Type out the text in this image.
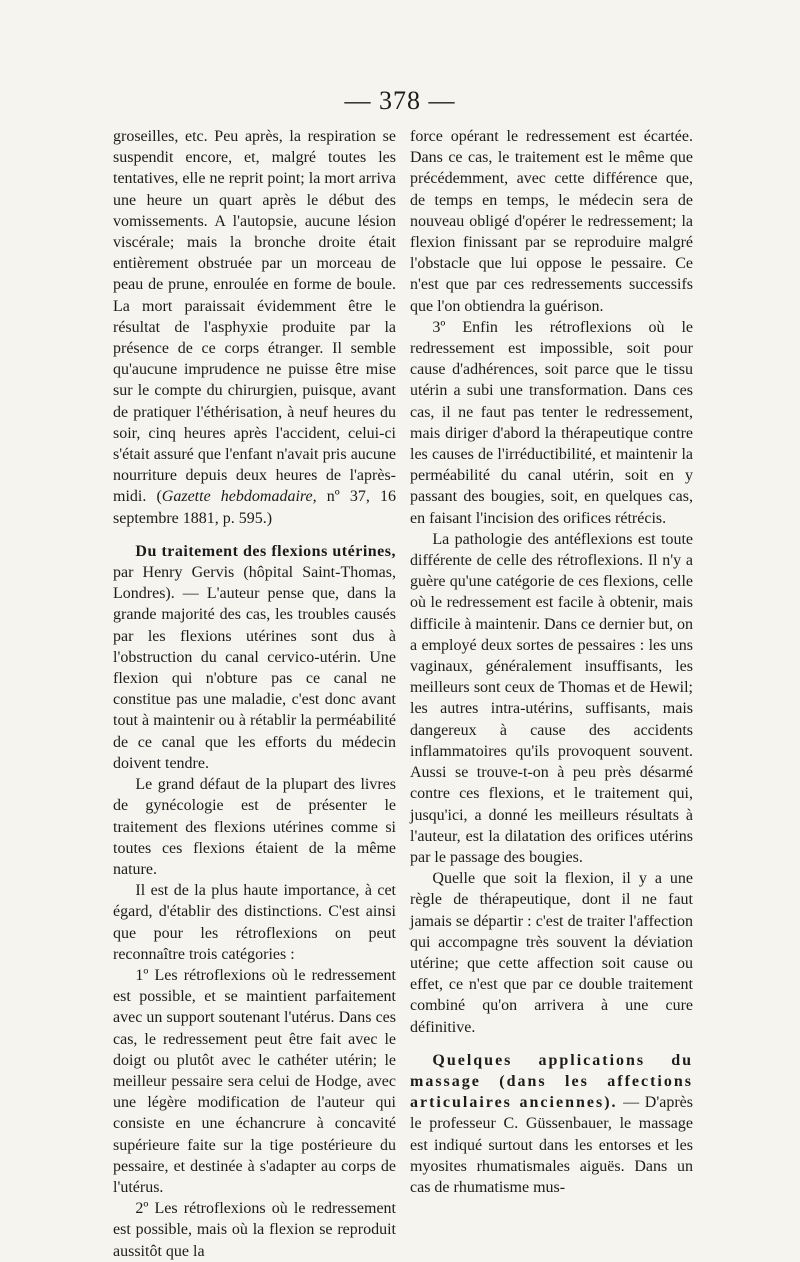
— 378 —

groseilles, etc. Peu après, la respiration se suspendit encore, et, malgré toutes les tentatives, elle ne reprit point; la mort arriva une heure un quart après le début des vomissements. A l'autopsie, aucune lésion viscérale; mais la bronche droite était entièrement obstruée par un morceau de peau de prune, enroulée en forme de boule. La mort paraissait évidemment être le résultat de l'asphyxie produite par la présence de ce corps étranger. Il semble qu'aucune imprudence ne puisse être mise sur le compte du chirurgien, puisque, avant de pratiquer l'éthérisation, à neuf heures du soir, cinq heures après l'accident, celui-ci s'était assuré que l'enfant n'avait pris aucune nourriture depuis deux heures de l'après-midi. (Gazette hebdomadaire, nº 37, 16 septembre 1881, p. 595.)

Du traitement des flexions utérines, par Henry Gervis (hôpital Saint-Thomas, Londres). — L'auteur pense que, dans la grande majorité des cas, les troubles causés par les flexions utérines sont dus à l'obstruction du canal cervico-utérin. Une flexion qui n'obture pas ce canal ne constitue pas une maladie, c'est donc avant tout à maintenir ou à rétablir la perméabilité de ce canal que les efforts du médecin doivent tendre.

Le grand défaut de la plupart des livres de gynécologie est de présenter le traitement des flexions utérines comme si toutes ces flexions étaient de la même nature.

Il est de la plus haute importance, à cet égard, d'établir des distinctions. C'est ainsi que pour les rétroflexions on peut reconnaître trois catégories :

1º Les rétroflexions où le redressement est possible, et se maintient parfaitement avec un support soutenant l'utérus. Dans ces cas, le redressement peut être fait avec le doigt ou plutôt avec le cathéter utérin; le meilleur pessaire sera celui de Hodge, avec une légère modification de l'auteur qui consiste en une échancrure à concavité supérieure faite sur la tige postérieure du pessaire, et destinée à s'adapter au corps de l'utérus.

2º Les rétroflexions où le redressement est possible, mais où la flexion se reproduit aussitôt que la

force opérant le redressement est écartée. Dans ce cas, le traitement est le même que précédemment, avec cette différence que, de temps en temps, le médecin sera de nouveau obligé d'opérer le redressement; la flexion finissant par se reproduire malgré l'obstacle que lui oppose le pessaire. Ce n'est que par ces redressements successifs que l'on obtiendra la guérison.

3º Enfin les rétroflexions où le redressement est impossible, soit pour cause d'adhérences, soit parce que le tissu utérin a subi une transformation. Dans ces cas, il ne faut pas tenter le redressement, mais diriger d'abord la thérapeutique contre les causes de l'irréductibilité, et maintenir la perméabilité du canal utérin, soit en y passant des bougies, soit, en quelques cas, en faisant l'incision des orifices rétrécis.

La pathologie des antéflexions est toute différente de celle des rétroflexions. Il n'y a guère qu'une catégorie de ces flexions, celle où le redressement est facile à obtenir, mais difficile à maintenir. Dans ce dernier but, on a employé deux sortes de pessaires : les uns vaginaux, généralement insuffisants, les meilleurs sont ceux de Thomas et de Hewil; les autres intra-utérins, suffisants, mais dangereux à cause des accidents inflammatoires qu'ils provoquent souvent. Aussi se trouve-t-on à peu près désarmé contre ces flexions, et le traitement qui, jusqu'ici, a donné les meilleurs résultats à l'auteur, est la dilatation des orifices utérins par le passage des bougies.

Quelle que soit la flexion, il y a une règle de thérapeutique, dont il ne faut jamais se départir : c'est de traiter l'affection qui accompagne très souvent la déviation utérine; que cette affection soit cause ou effet, ce n'est que par ce double traitement combiné qu'on arrivera à une cure définitive.

Quelques applications du massage (dans les affections articulaires anciennes). — D'après le professeur C. Güssenbauer, le massage est indiqué surtout dans les entorses et les myosites rhumatismales aiguës. Dans un cas de rhumatisme mus-
